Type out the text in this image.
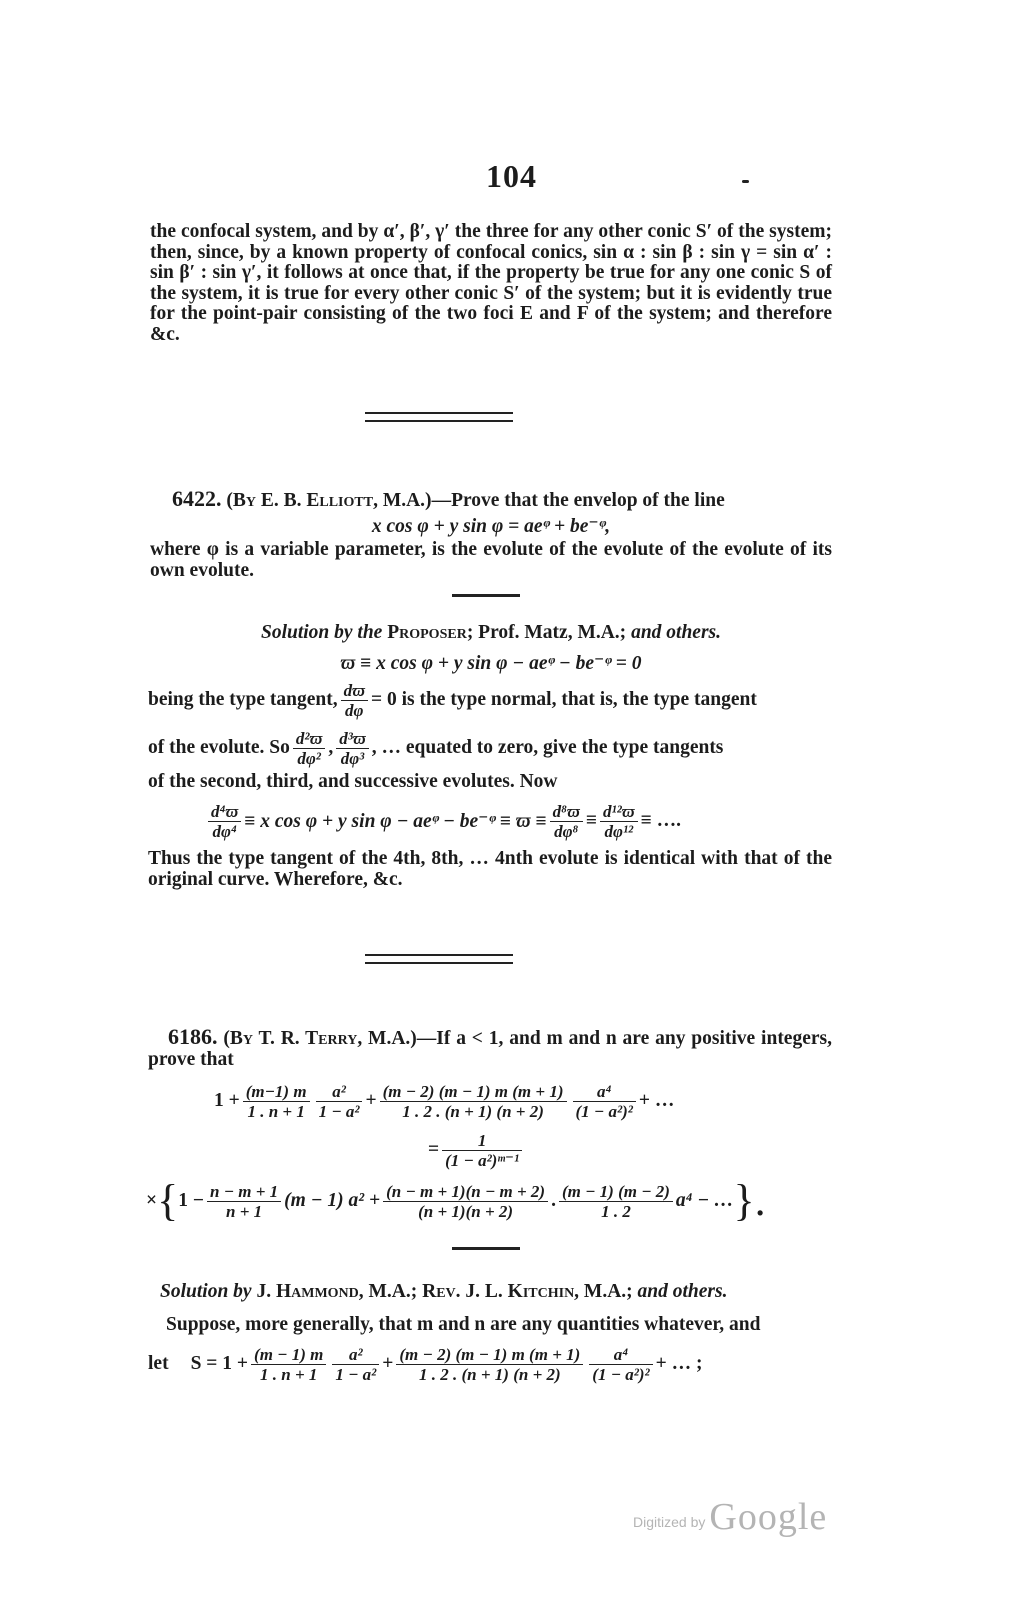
104
the confocal system, and by α′, β′, γ′ the three for any other conic S′ of the system; then, since, by a known property of confocal conics, sin α : sin β : sin γ = sin α′ : sin β′ : sin γ′, it follows at once that, if the property be true for any one conic S of the system, it is true for every other conic S′ of the system; but it is evidently true for the point-pair consisting of the two foci E and F of the system; and therefore &c.
6422. (By E. B. Elliott, M.A.)—Prove that the envelop of the line
x cos φ + y sin φ = aeᵠ + be⁻ᵠ,
where φ is a variable parameter, is the evolute of the evolute of the evolute of its own evolute.
Solution by the Proposer; Prof. Matz, M.A.; and others.
ϖ ≡ x cos φ + y sin φ − aeᵠ − be⁻ᵠ = 0
being the type tangent, $\frac{dϖ}{d\varphi} = 0$ is the type normal, that is, the type tangent
of the evolute. So $\frac{\text{d²ϖ}}{\text{dφ²}}$ , $\frac{\text{d³ϖ}}{\text{dφ³}}$ , … equated to zero, give the type tangents
of the second, third, and successive evolutes. Now
$\frac{\text{d⁴ϖ}}{\text{dφ⁴}} \equiv x$ cos φ + y sin φ − aeᵠ − be⁻ᵠ ≡ $ϖ \equiv \frac{\text{d⁸ϖ}}{\text{dφ⁸}} \equiv \frac{\text{d¹²ϖ}}{\text{dφ¹²}}$ ≡ ….
Thus the type tangent of the 4th, 8th, … 4nth evolute is identical with that of the original curve. Wherefore, &c.
6186. (By T. R. Terry, M.A.)—If a < 1, and m and n are any positive integers, prove that
$1 + \frac{(m-1) m}{1 . n + 1} \frac{\text{a²}}{\text{1 − a²}} + \frac{(m - 2) (m - 1) m (m + 1)}{1 . 2 . (n + 1) (n + 2)} \frac{\text{a⁴}}{\text{(1 − a²)²}}$ + …
= $\frac{1}{\text{(1 − a²)ᵐ⁻¹}}$
× { $1 - \frac{n - m + 1}{n + 1} (m - 1) a^2 + \frac{(n - m + 1)(n - m + 2)}{(n + 1)(n + 2)}$ . $\frac{(m - 1) (m - 2)}{1 . 2} a^4$ − … }.
Solution by J. Hammond, M.A.; Rev. J. L. Kitchin, M.A.; and others.
Suppose, more generally, that m and n are any quantities whatever, and
let $S = 1 + \frac{(m - 1) m}{1 . n + 1} \frac{\text{a²}}{\text{1 − a²}} + \frac{(m - 2) (m - 1) m (m + 1)}{1 . 2 . (n + 1) (n + 2)} \frac{\text{a⁴}}{\text{(1 − a²)²}}$ + … ;
Digitized by Google
